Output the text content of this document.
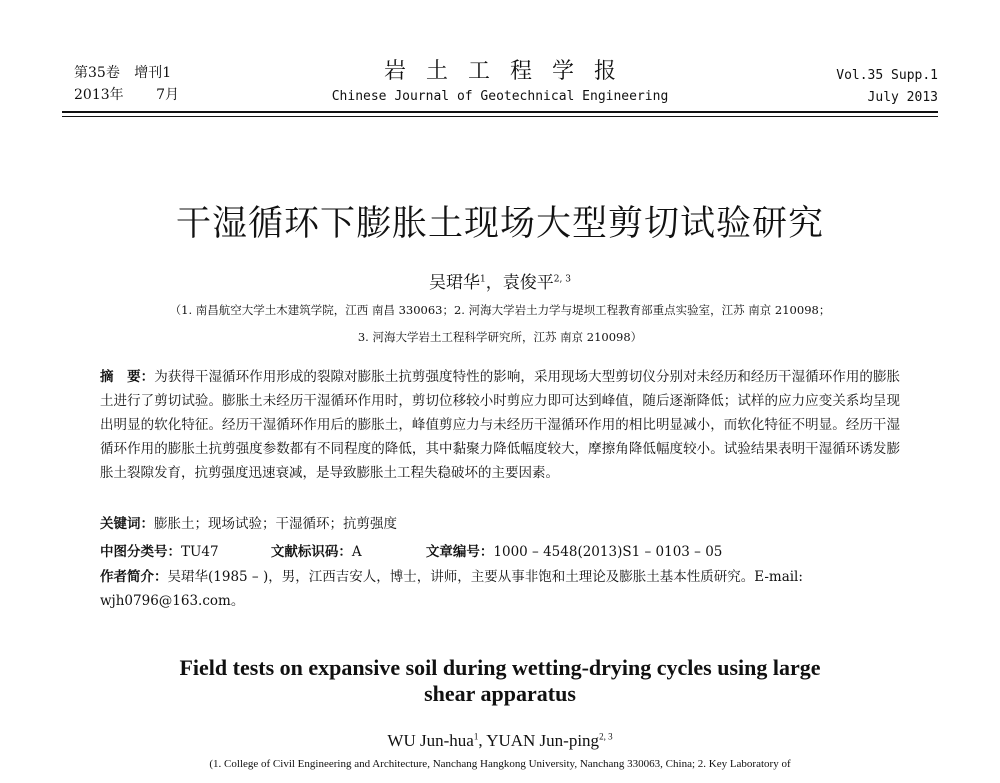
第35卷 增刊1
2013年 7月
岩土工程学报
Chinese Journal of Geotechnical Engineering
Vol.35 Supp.1
July 2013
干湿循环下膨胀土现场大型剪切试验研究
吴珺华$^1$，袁俊平$^{2, 3}$
（1. 南昌航空大学土木建筑学院，江西 南昌 330063；2. 河海大学岩土力学与堤坝工程教育部重点实验室，江苏 南京 210098；
3. 河海大学岩土工程科学研究所，江苏 南京 210098）
摘　要：为获得干湿循环作用形成的裂隙对膨胀土抗剪强度特性的影响，采用现场大型剪切仪分别对未经历和经历干湿循环作用的膨胀土进行了剪切试验。膨胀土未经历干湿循环作用时，剪切位移较小时剪应力即可达到峰值，随后逐渐降低；试样的应力应变关系均呈现出明显的软化特征。经历干湿循环作用后的膨胀土，峰值剪应力与未经历干湿循环作用的相比明显减小，而软化特征不明显。经历干湿循环作用的膨胀土抗剪强度参数都有不同程度的降低，其中黏聚力降低幅度较大，摩擦角降低幅度较小。试验结果表明干湿循环诱发膨胀土裂隙发育，抗剪强度迅速衰减，是导致膨胀土工程失稳破坏的主要因素。
关键词：膨胀土；现场试验；干湿循环；抗剪强度
中图分类号：TU47	文献标识码：A	文章编号：1000 – 4548(2013)S1 – 0103 – 05
作者简介：吴珺华(1985 – )，男，江西吉安人，博士，讲师，主要从事非饱和土理论及膨胀土基本性质研究。E-mail: wjh0796@163.com。
Field tests on expansive soil during wetting-drying cycles using large
shear apparatus
WU Jun-hua$^1$, YUAN Jun-ping$^{2, 3}$
(1. College of Civil Engineering and Architecture, Nanchang Hangkong University, Nanchang 330063, China; 2. Key Laboratory of
